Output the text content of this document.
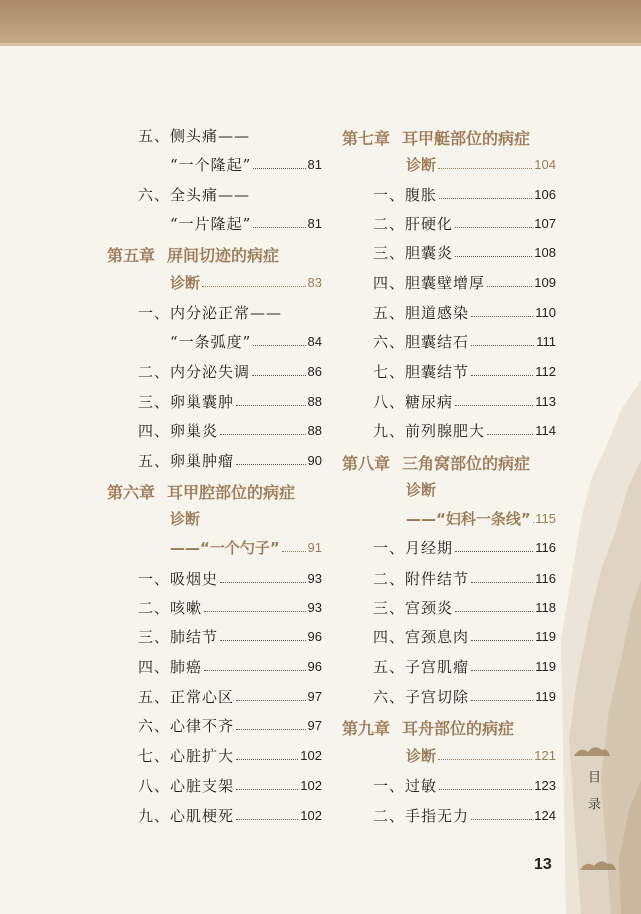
五、侧头痛——
“一个隆起”	81
六、全头痛——
“一片隆起”	81
第五章 屏间切迹的病症
诊断	83
一、内分泌正常——
“一条弧度”	84
二、内分泌失调	86
三、卵巢囊肿	88
四、卵巢炎	88
五、卵巢肿瘤	90
第六章 耳甲腔部位的病症
诊断
——“一个勺子” 91
一、吸烟史	93
二、咳嗽	93
三、肺结节	96
四、肺癌	96
五、正常心区	97
六、心律不齐	97
七、心脏扩大	102
八、心脏支架	102
九、心肌梗死	102
第七章 耳甲艇部位的病症
诊断	104
一、腹胀	106
二、肝硬化	107
三、胆囊炎	108
四、胆囊壁增厚	109
五、胆道感染	110
六、胆囊结石	111
七、胆囊结节	112
八、糖尿病	113
九、前列腺肥大	114
第八章 三角窝部位的病症
诊断
——“妇科一条线” 115
一、月经期	116
二、附件结节	116
三、宫颈炎	118
四、宫颈息肉	119
五、子宫肌瘤	119
六、子宫切除	119
第九章 耳舟部位的病症
诊断	121
一、过敏	123
二、手指无力	124 目录
13
